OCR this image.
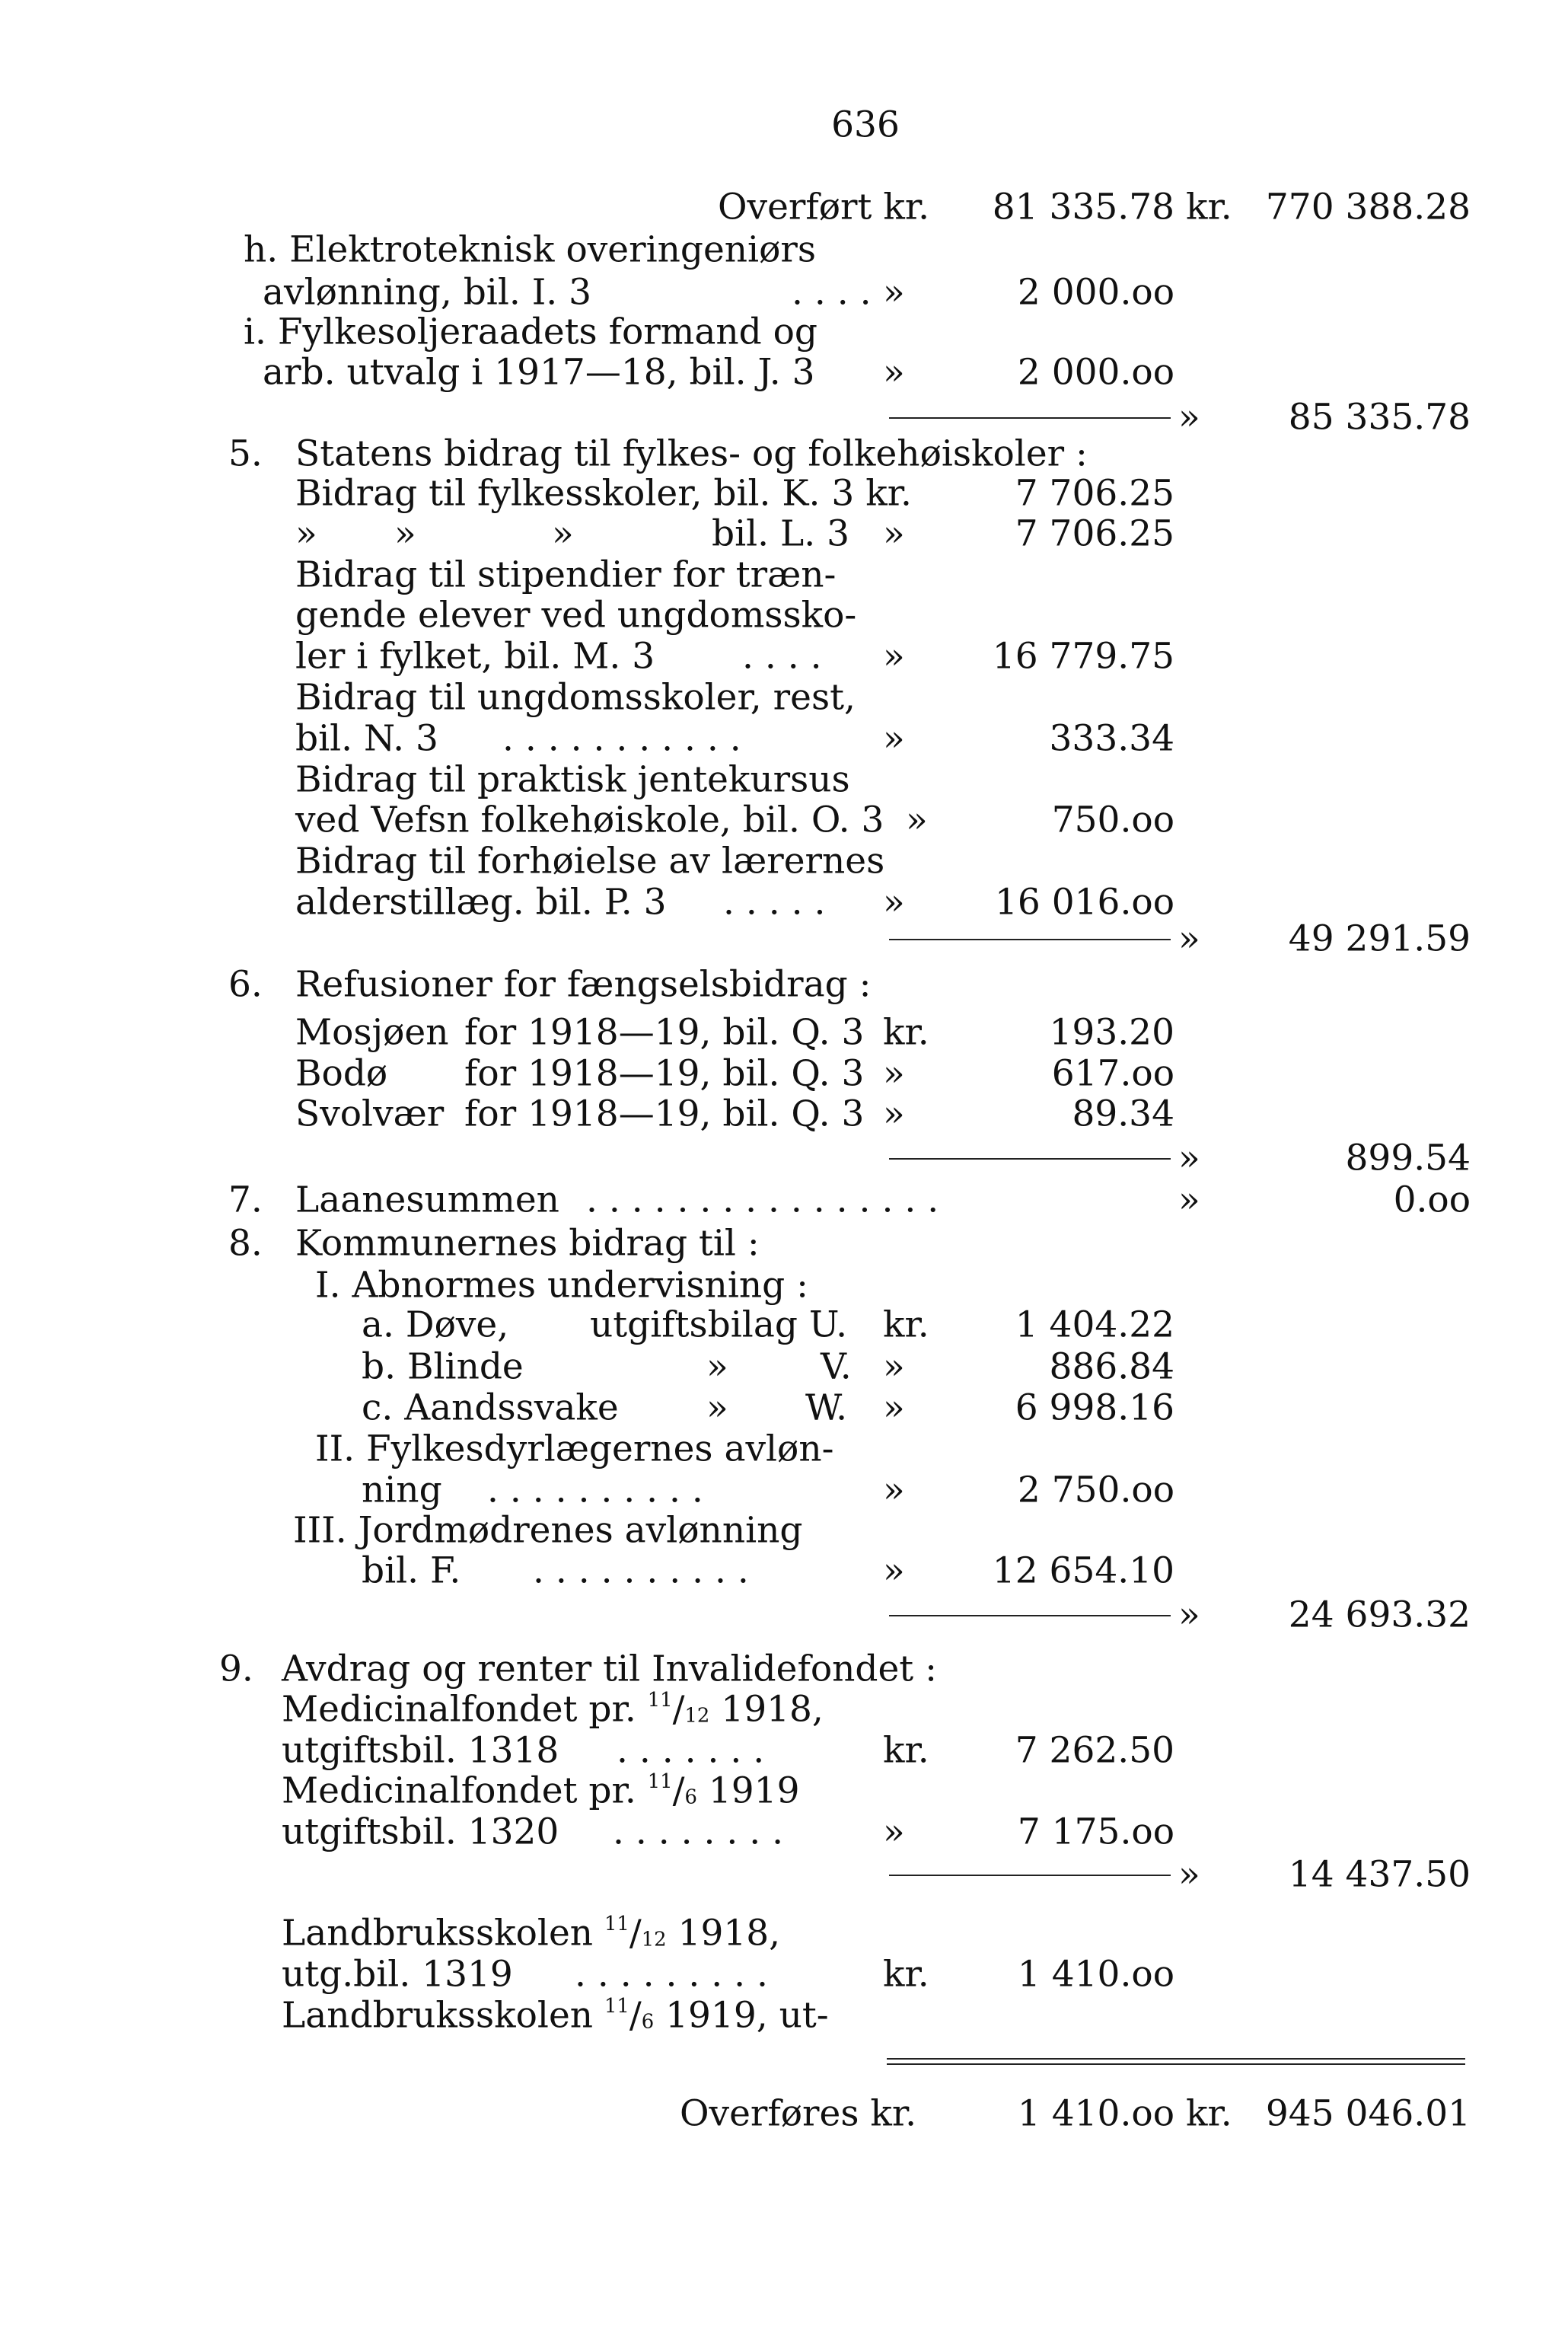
636
Overført kr. 81 335.78 kr. 770 388.28
h. Elektroteknisk overingeniørs
avlønning, bil. I. 3	. . . . »	2 000.oo
i. Fylkesoljeraadets formand og
arb. utvalg i 1917—18, bil. J. 3 »	2 000.oo
» 85 335.78
5. Statens bidrag til fylkes- og folkehøiskoler :
Bidrag til fylkesskoler, bil. K. 3 kr.	7 706.25
» »	»	bil. L. 3 »	7 706.25
Bidrag til stipendier for træn-
gende elever ved ungdomssko-
ler i fylket, bil. M. 3 . . . . » 16 779.75
Bidrag til ungdomsskoler, rest,
bil. N. 3 . . . . . . . . . . .	»	333.34
Bidrag til praktisk jentekursus
ved Vefsn folkehøiskole, bil. O. 3 »	750.oo
Bidrag til forhøielse av lærernes
alderstillæg. bil. P. 3 . . . . . »	16 016.oo
» 49 291.59
6. Refusioner for fængselsbidrag :
Mosjøen for 1918—19, bil. Q. 3 kr.	193.20
Bodø for 1918—19, bil. Q. 3 »	617.oo
Svolvær for 1918—19, bil. Q. 3 »	89.34
»	899.54
7. Laanesummen . . . . . . . . . . . . . . . .	»	0.oo
8. Kommunernes bidrag til :
I. Abnormes undervisning :
a. Døve, utgiftsbilag U. kr. 1 404.22
b. Blinde	»	V. »	886.84
c. Aandssvake » W. »	6 998.16
II. Fylkesdyrlægernes avløn-
ning . . . . . . . . . .	»	2 750.oo
III. Jordmødrenes avlønning
bil. F. . . . . . . . . . .	» 12 654.10
» 24 693.32
9. Avdrag og renter til Invalidefondet :
Medicinalfondet pr. $^{11}/_{12}$ 1918,
utgiftsbil. 1318 . . . . . . .	kr. 7 262.50
Medicinalfondet pr. $^{11}/_6$ 1919
utgiftsbil. 1320 . . . . . . . .	»	7 175.oo
» 14 437.50
Landbruksskolen $^{11}/_{12}$ 1918,
utg.bil. 1319 . . . . . . . . .	kr. 1 410.oo
Landbruksskolen $^{11}/_6$ 1919, ut-
Overføres kr.	1 410.oo kr. 945 046.01
